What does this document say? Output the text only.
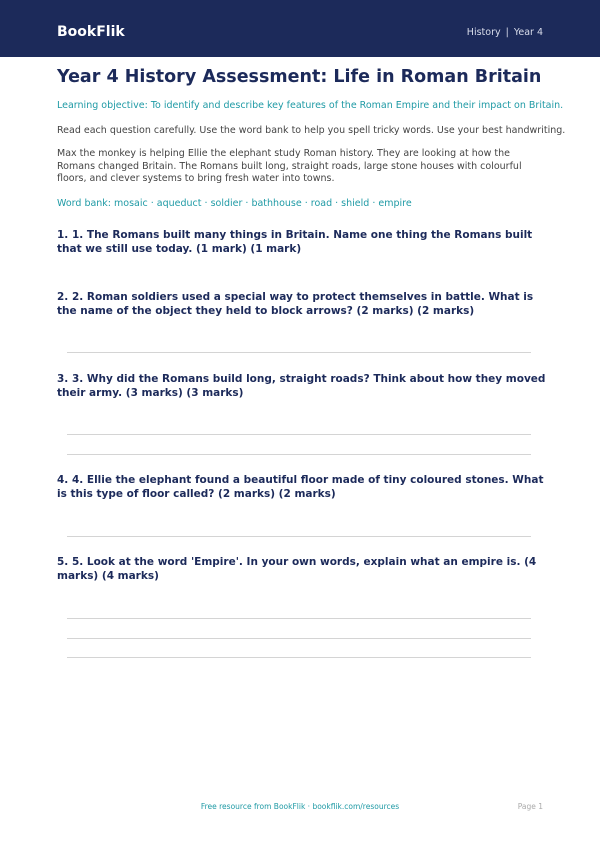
BookFlik	History | Year 4
Year 4 History Assessment: Life in Roman Britain
Learning objective: To identify and describe key features of the Roman Empire and their impact on Britain.
Read each question carefully. Use the word bank to help you spell tricky words. Use your best handwriting.
Max the monkey is helping Ellie the elephant study Roman history. They are looking at how the Romans changed Britain. The Romans built long, straight roads, large stone houses with colourful floors, and clever systems to bring fresh water into towns.
Word bank: mosaic · aqueduct · soldier · bathhouse · road · shield · empire
1. 1. The Romans built many things in Britain. Name one thing the Romans built that we still use today. (1 mark) (1 mark)
2. 2. Roman soldiers used a special way to protect themselves in battle. What is the name of the object they held to block arrows? (2 marks) (2 marks)
3. 3. Why did the Romans build long, straight roads? Think about how they moved their army. (3 marks) (3 marks)
4. 4. Ellie the elephant found a beautiful floor made of tiny coloured stones. What is this type of floor called? (2 marks) (2 marks)
5. 5. Look at the word 'Empire'. In your own words, explain what an empire is. (4 marks) (4 marks)
Free resource from BookFlik · bookflik.com/resources	Page 1
